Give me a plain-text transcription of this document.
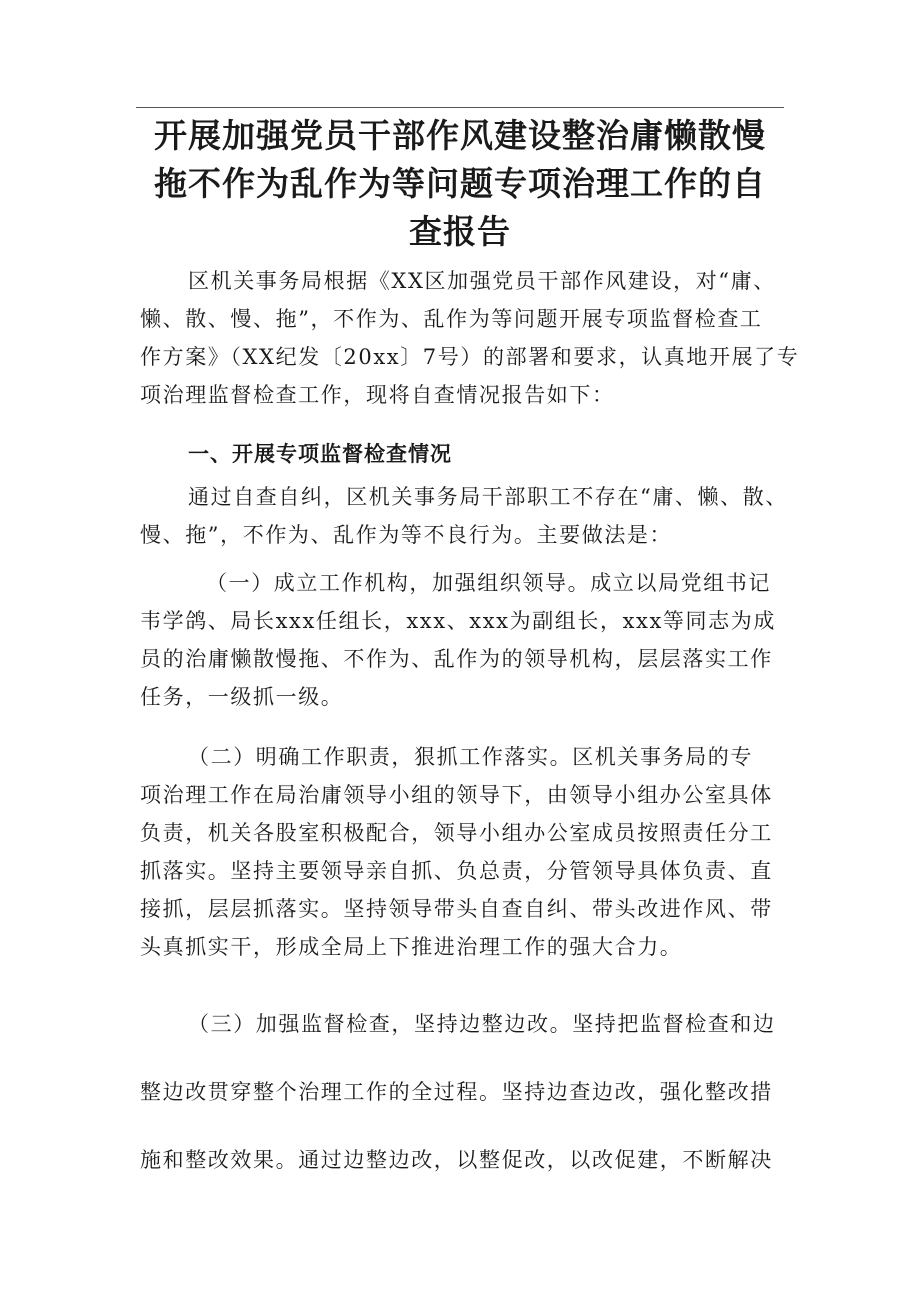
开展加强党员干部作风建设整治庸懒散慢
拖不作为乱作为等问题专项治理工作的自
查报告

区机关事务局根据《XX区加强党员干部作风建设，对“庸、
懒、散、慢、拖”，不作为、乱作为等问题开展专项监督检查工
作方案》（XX纪发〔20xx〕7号）的部署和要求，认真地开展了专
项治理监督检查工作，现将自查情况报告如下：

一、开展专项监督检查情况

通过自查自纠，区机关事务局干部职工不存在“庸、懒、散、
慢、拖”，不作为、乱作为等不良行为。主要做法是：

（一）成立工作机构，加强组织领导。成立以局党组书记
韦学鸽、局长xxx任组长，xxx、xxx为副组长，xxx等同志为成
员的治庸懒散慢拖、不作为、乱作为的领导机构，层层落实工作
任务，一级抓一级。

（二）明确工作职责，狠抓工作落实。区机关事务局的专
项治理工作在局治庸领导小组的领导下，由领导小组办公室具体
负责，机关各股室积极配合，领导小组办公室成员按照责任分工
抓落实。坚持主要领导亲自抓、负总责，分管领导具体负责、直
接抓，层层抓落实。坚持领导带头自查自纠、带头改进作风、带
头真抓实干，形成全局上下推进治理工作的强大合力。

（三）加强监督检查，坚持边整边改。坚持把监督检查和边
整边改贯穿整个治理工作的全过程。坚持边查边改，强化整改措
施和整改效果。通过边整边改，以整促改，以改促建，不断解决
